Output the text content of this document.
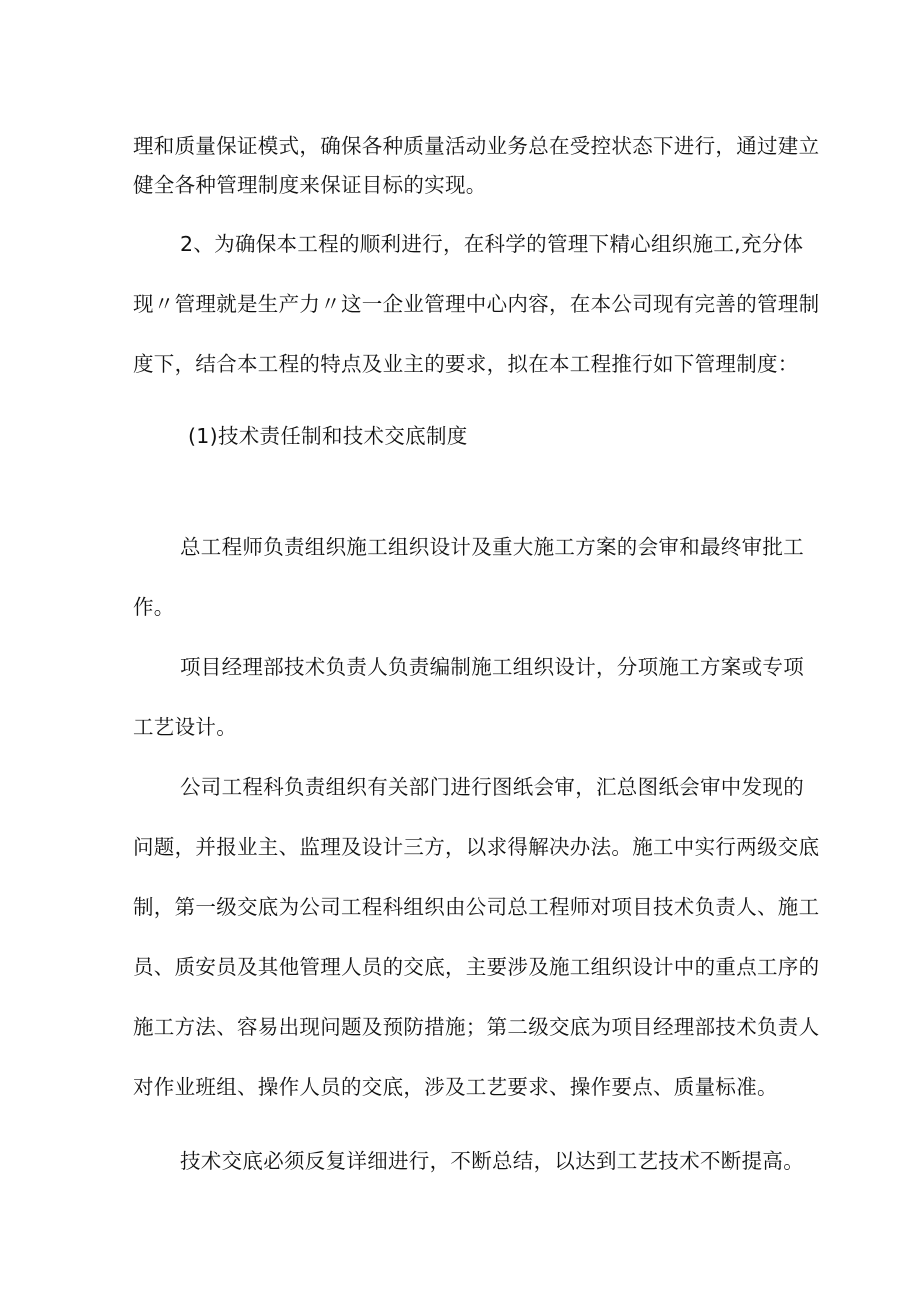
理和质量保证模式，确保各种质量活动业务总在受控状态下进行，通过建立
健全各种管理制度来保证目标的实现。
2、为确保本工程的顺利进行，在科学的管理下精心组织施工,充分体
现〃管理就是生产力〃这一企业管理中心内容，在本公司现有完善的管理制
度下，结合本工程的特点及业主的要求，拟在本工程推行如下管理制度：
(1)技术责任制和技术交底制度
总工程师负责组织施工组织设计及重大施工方案的会审和最终审批工
作。
项目经理部技术负责人负责编制施工组织设计，分项施工方案或专项
工艺设计。
公司工程科负责组织有关部门进行图纸会审，汇总图纸会审中发现的
问题，并报业主、监理及设计三方，以求得解决办法。施工中实行两级交底
制，第一级交底为公司工程科组织由公司总工程师对项目技术负责人、施工
员、质安员及其他管理人员的交底，主要涉及施工组织设计中的重点工序的
施工方法、容易出现问题及预防措施；第二级交底为项目经理部技术负责人
对作业班组、操作人员的交底，涉及工艺要求、操作要点、质量标准。
技术交底必须反复详细进行，不断总结，以达到工艺技术不断提高。
